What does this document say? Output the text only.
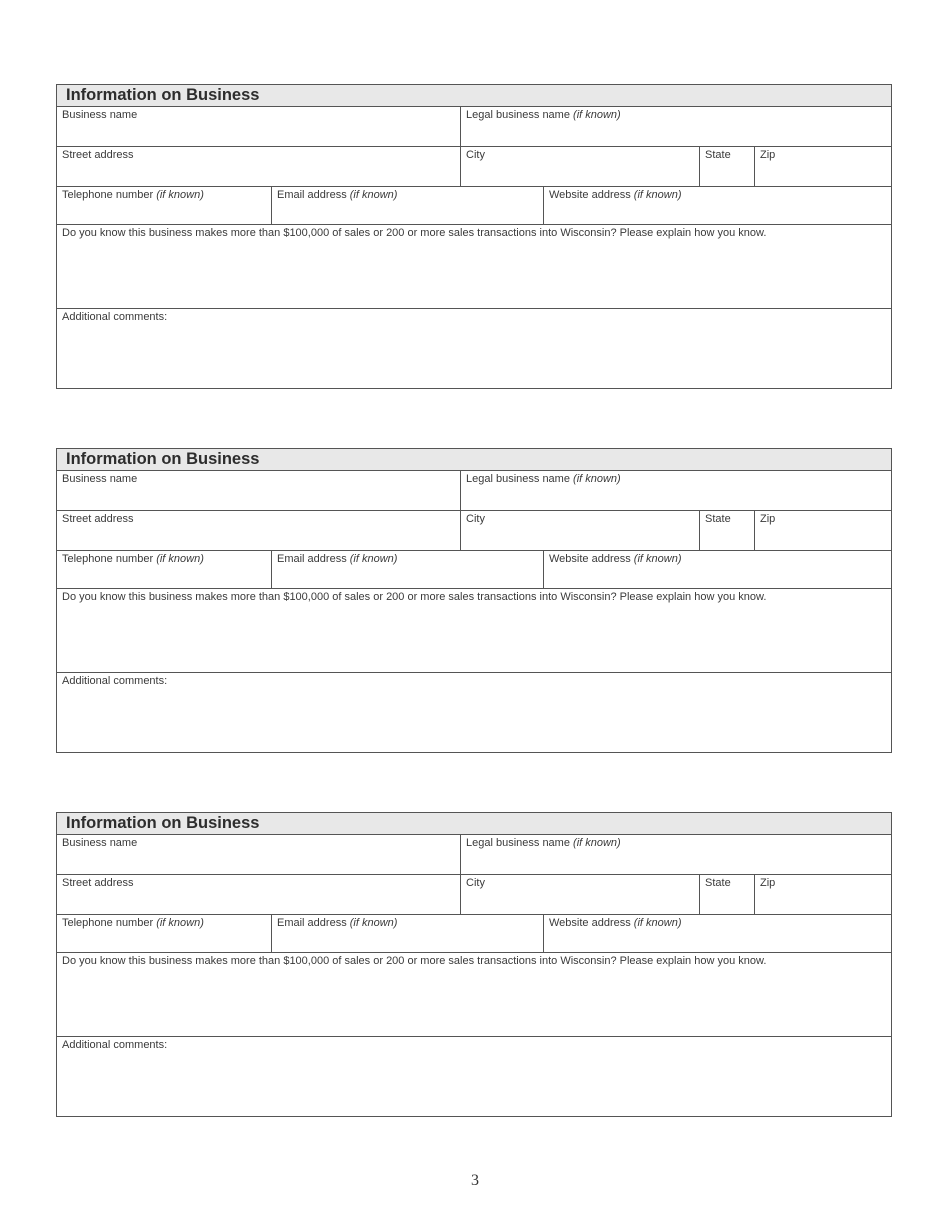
Information on Business
Business name	Legal business name (if known)
Street address	City	State	Zip
Telephone number (if known)	Email address (if known)	Website address (if known)
Do you know this business makes more than $100,000 of sales or 200 or more sales transactions into Wisconsin? Please explain how you know.
Additional comments:
Information on Business
Business name	Legal business name (if known)
Street address	City	State	Zip
Telephone number (if known)	Email address (if known)	Website address (if known)
Do you know this business makes more than $100,000 of sales or 200 or more sales transactions into Wisconsin? Please explain how you know.
Additional comments:
Information on Business
Business name	Legal business name (if known)
Street address	City	State	Zip
Telephone number (if known)	Email address (if known)	Website address (if known)
Do you know this business makes more than $100,000 of sales or 200 or more sales transactions into Wisconsin? Please explain how you know.
Additional comments:
3
